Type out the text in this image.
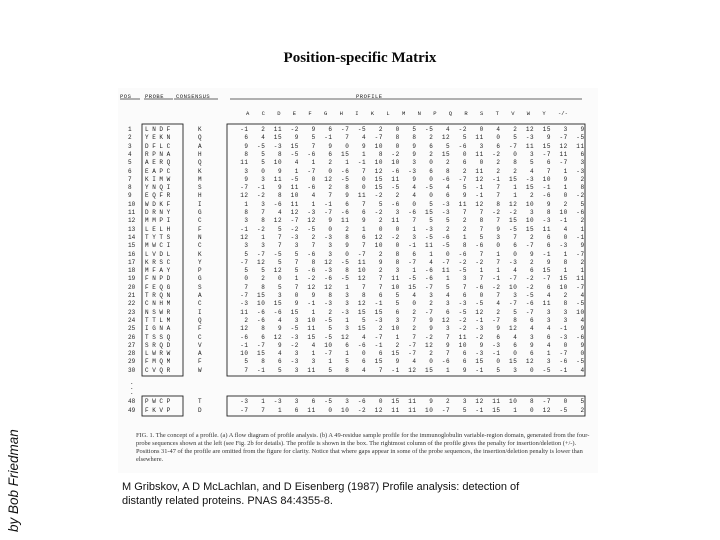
Position-specific Matrix
by Bob Friedman
POS PROBE CONSENSUS	PROFILE
A C D E F G H I K L M N P Q R S T V W Y -/-
1 L N D F	K	-1   2  11  -2   9   6  -7  -5   2   0   5  -5   4  -2   0   4   2  12  15   3   9
2 Y E K N	Q	6   4  15   9   5  -1   7   4  -7   8   8   2  12   5  11   0   5  -3   9  -7  -5
3 D F L C	A	9  -5  -3  15   7   9   0   9  10   0   9   6   5  -6   3   6  -7  11  15  12  11
4 R P N A	H	8   5   8  -5  -6   6  15   1   8  -2   9   2  15   0  11  -2   0   3  -7  11   6
5 A E R Q	Q	11   5  10   4   1   2   1  -1  10  10   3   0   2   6   0   2   8   5   6  -7   3
6 E A P C	K	3   0   9   1  -7   0  -6   7  12  -6  -3   6   8   2  11   2   2   4   7   1  -3
7 K I M W	M	9   3  11  -5   0  12  -5   0  15  11   9   0  -6  -7  12  -1  15  -3  10   9   2
8 Y N Q I	S	-7  -1   9  11  -6   2   8   0  15  -5   4  -5   4   5  -1   7   1  15  -1   1   8
9 E Q F R	H	12  -2   8  10   4   7   9  11  -2   2   4   0   6   9  -1   7   1   2  -6   0  -2
10 W D K F	I	1   3  -6  11   1  -1   6   7   5  -6   0   5  -3  11  12   8  12  10   9   2   5
11 D R N Y	G	8   7   4  12  -3  -7  -6   6  -2   3  -6  15  -3   7   7  -2  -2   3   8  10  -6
12 M M P I	C	3   8  12  -7  12   9  11   9   2  11   7   5   5   2   8   7  15  10  -3  -1   2
13 L E L H	F	-1  -2   5  -2  -5   0   2   1   0   0   1  -3   2   2   7   9  -5  15  11   4   1
14 T Y T S	N	12   1   7  -3   2  -3   8   6  12  -2   3  -5  -6   1   5   3   7   2   6   0  -1
15 M W C I	C	3   3   7   3   7   3   9   7  10   0  -1  11  -5   8  -6   0   6  -7   6  -3   9
16 L V D L	K	5  -7  -5   5  -6   3   0  -7   2   8   6   1   0  -6   7   1   0   9  -1   1  -7
17 K R S C	Y	-7  12   5   7   8  12  -5  11   9   8  -7   4  -7  -2  -2   7  -3   2   9   8   2
18 M F A Y	P	5   5  12   5  -6  -3   8  10   2   3   1  -6  11  -5   1   1   4   6  15   1   1
19 F N P D	G	0   2   0   1  -2  -6  -5  12   7  11  -5  -6   1   3   7  -1  -7  -2  -7  15  11
20 F E Q G	S	7   8   5   7  12  12   1   7   7  10  15  -7   5   7  -6  -2  10  -2   6  10  -7
21 T R Q N	A	-7  15   3   0   9   8   3   8   6   5   4   3   4   6   0   7   3  -5   4   2   4
22 C N H M	C	-3  10  15   9  -1  -3   3  12  -1   5   0   2   3  -3  -5   4  -7  -6  11   8  -5
23 N S W R	I	11  -6  -6  15   1   2  -3  15  15   6   2  -7   6  -5  12   2   5  -7   3   3  10
24 T T L M	Q	2  -6   4   3  10  -5   1   5  -3   3   7   9  12  -2  -1  -7   8   6   3   3   4
25 I G N A	F	12   8   9  -5  11   5   3  15   2  10   2   9   3  -2  -3   9  12   4   4  -1   9
26 T S S Q	C	-6   6  12  -3  15  -5  12   4  -7   1   7  -2   7  11  -2   6   4   3   6  -3  -6
27 S R Q D	V	-1  -7   9  -2   4  10   6  -6  -1   2  -7  12   9  10   9  -3   6   9   4   0   9
28 L W R W	A	10  15   4   3   1  -7   1   0   6  15  -7   2   7   6  -3  -1   0   6   1  -7   0
29 F M Q M	F	5   8   6  -3   3   1   5   6  15   9   4   0  -6   6  15   0  15  12   3  -6  -5
30 C V Q R	W	7  -1   5   3  11   5   8   4   7  -1  12  15   1   9  -1   5   3   0  -5  -1   4
.
.
.
48 P W C P	T	-3   1  -3   3   6  -5   3  -6   0  15  11   9   2   3  12  11  10   8  -7   0   5
49 F K V P	D	-7   7   1   6  11   0  10  -2  12  11  11  10  -7   5  -1  15   1   0  12  -5   2
FIG. 1. The concept of a profile. (a) A flow diagram of profile analysis. (b) A 49-residue sample profile for the immunoglobulin variable-region domain, generated from the four-probe sequences shown at the left (see Fig. 2b for details). The profile is shown in the box. The rightmost column of the profile gives the penalty for insertion/deletion (+/-). Positions 31-47 of the profile are omitted from the figure for clarity. Notice that where gaps appear in some of the probe sequences, the insertion/deletion penalty is lower than elsewhere.
M Gribskov, A D McLachlan, and D Eisenberg (1987) Profile analysis: detection of distantly related proteins. PNAS 84:4355-8.
